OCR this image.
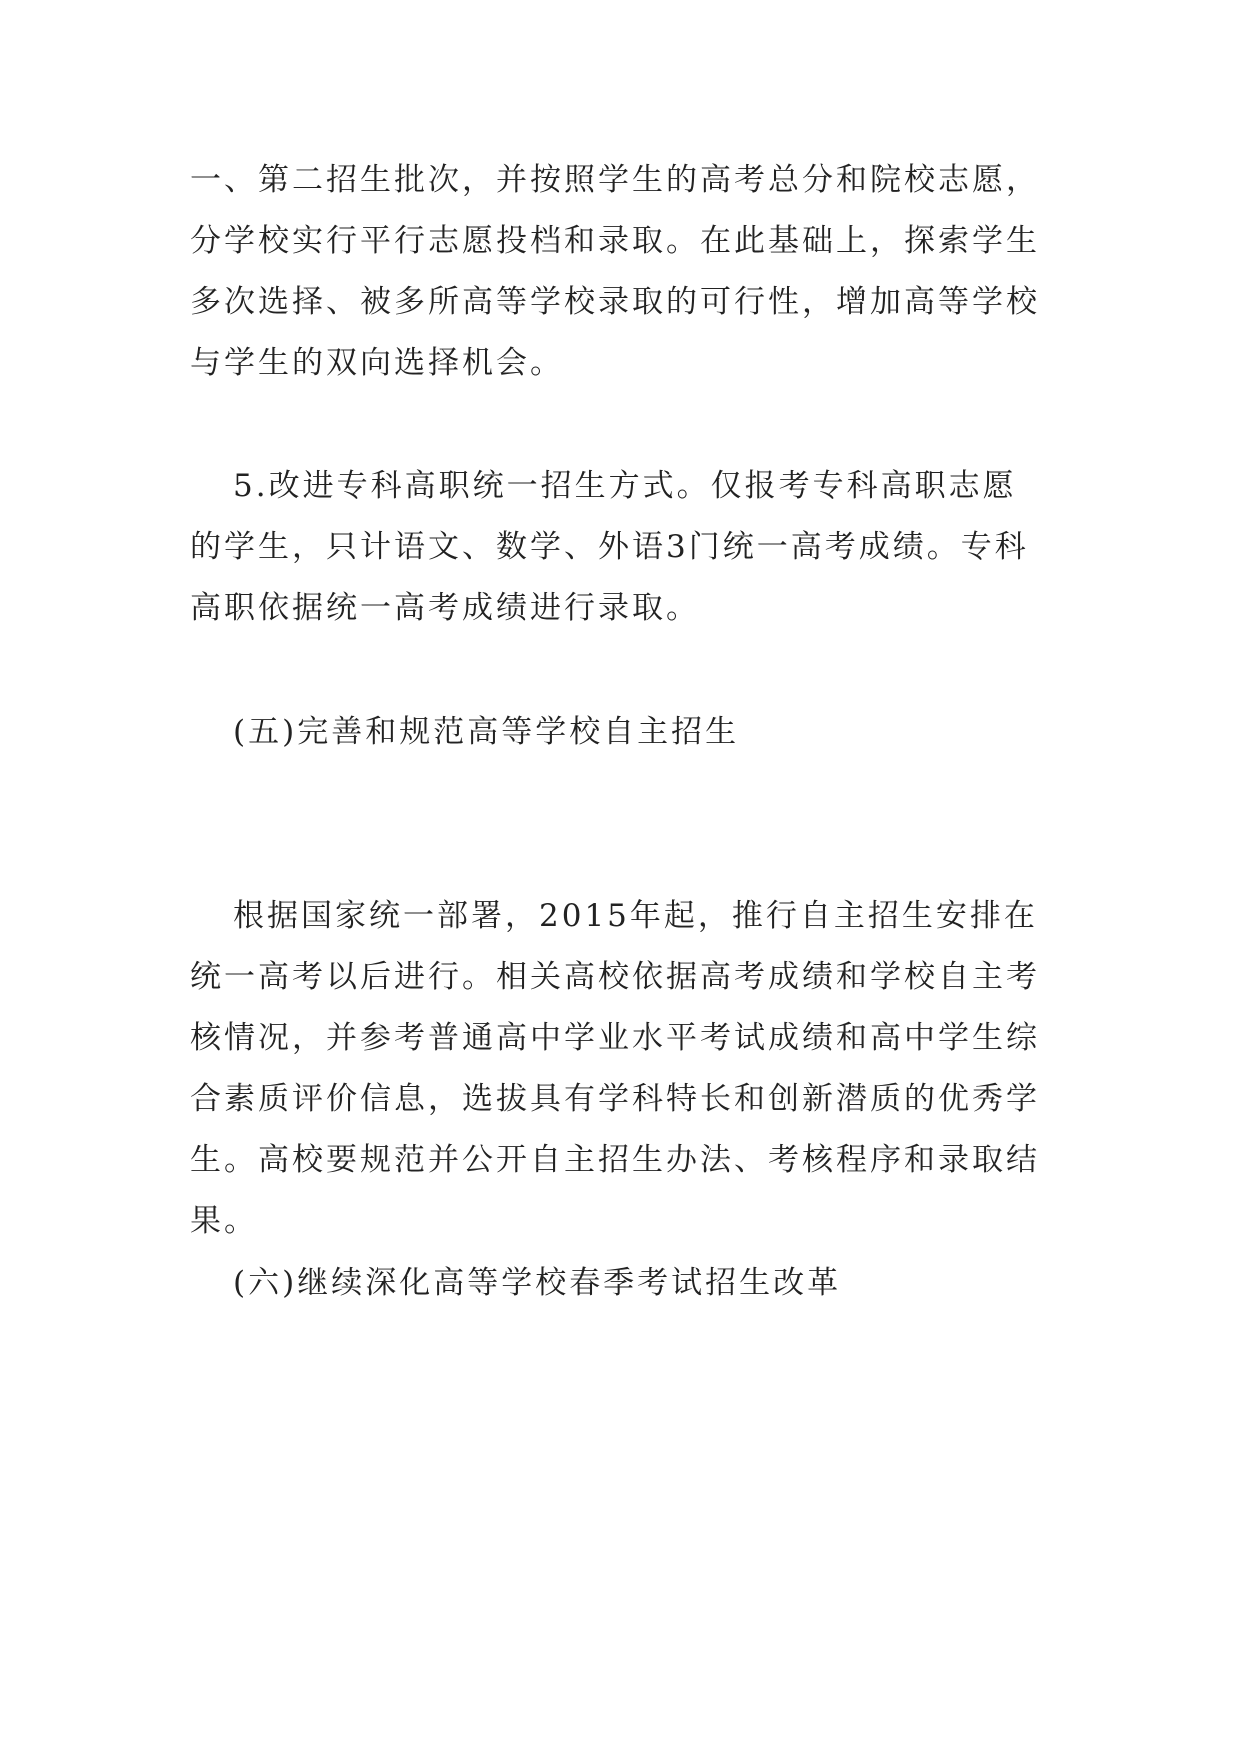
一、第二招生批次，并按照学生的高考总分和院校志愿，分学校实行平行志愿投档和录取。在此基础上，探索学生多次选择、被多所高等学校录取的可行性，增加高等学校与学生的双向选择机会。

5.改进专科高职统一招生方式。仅报考专科高职志愿的学生，只计语文、数学、外语3门统一高考成绩。专科高职依据统一高考成绩进行录取。

(五)完善和规范高等学校自主招生

根据国家统一部署，2015年起，推行自主招生安排在统一高考以后进行。相关高校依据高考成绩和学校自主考核情况，并参考普通高中学业水平考试成绩和高中学生综合素质评价信息，选拔具有学科特长和创新潜质的优秀学生。高校要规范并公开自主招生办法、考核程序和录取结果。

(六)继续深化高等学校春季考试招生改革
